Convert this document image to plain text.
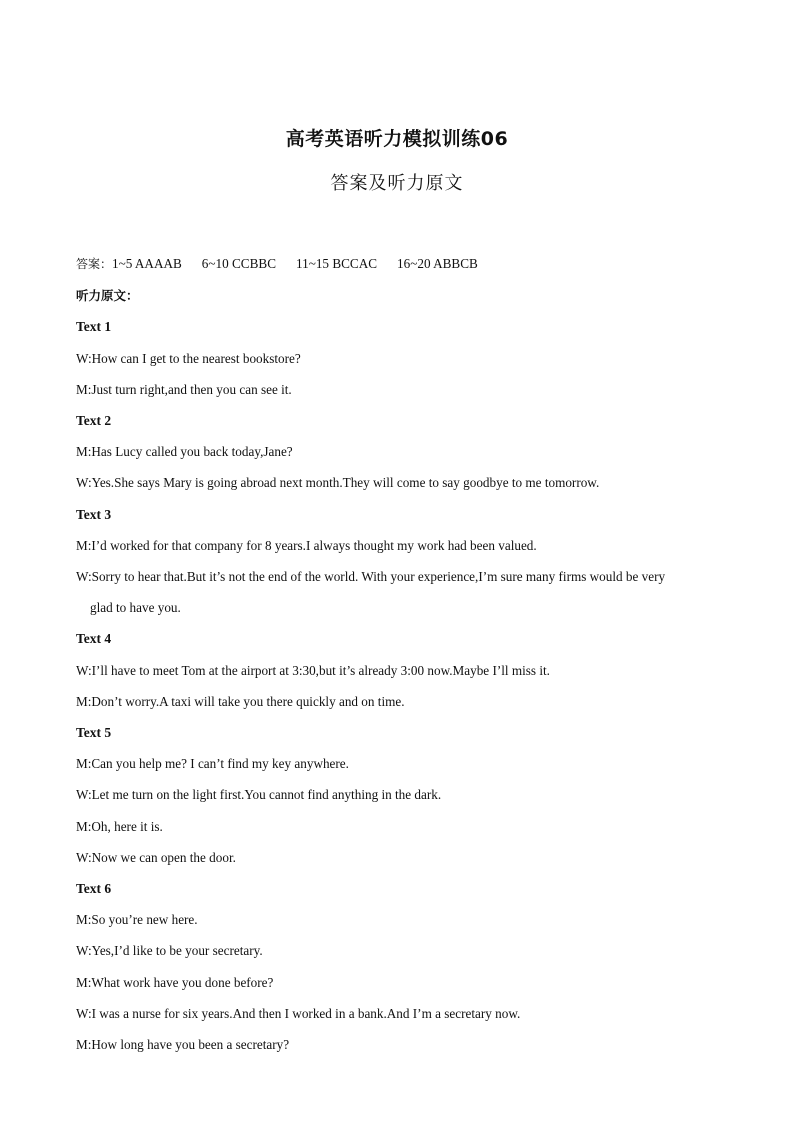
高考英语听力模拟训练06
答案及听力原文
答案： 1~5 AAAAB 6~10 CCBBC 11~15 BCCAC 16~20 ABBCB
听力原文：
Text 1
W:How can I get to the nearest bookstore?
M:Just turn right,and then you can see it.
Text 2
M:Has Lucy called you back today,Jane?
W:Yes.She says Mary is going abroad next month.They will come to say goodbye to me tomorrow.
Text 3
M:I’d worked for that company for 8 years.I always thought my work had been valued.
W:Sorry to hear that.But it’s not the end of the world. With your experience,I’m sure many firms would be very
glad to have you.
Text 4
W:I’ll have to meet Tom at the airport at 3:30,but it’s already 3:00 now.Maybe I’ll miss it.
M:Don’t worry.A taxi will take you there quickly and on time.
Text 5
M:Can you help me? I can’t find my key anywhere.
W:Let me turn on the light first.You cannot find anything in the dark.
M:Oh, here it is.
W:Now we can open the door.
Text 6
M:So you’re new here.
W:Yes,I’d like to be your secretary.
M:What work have you done before?
W:I was a nurse for six years.And then I worked in a bank.And I’m a secretary now.
M:How long have you been a secretary?
